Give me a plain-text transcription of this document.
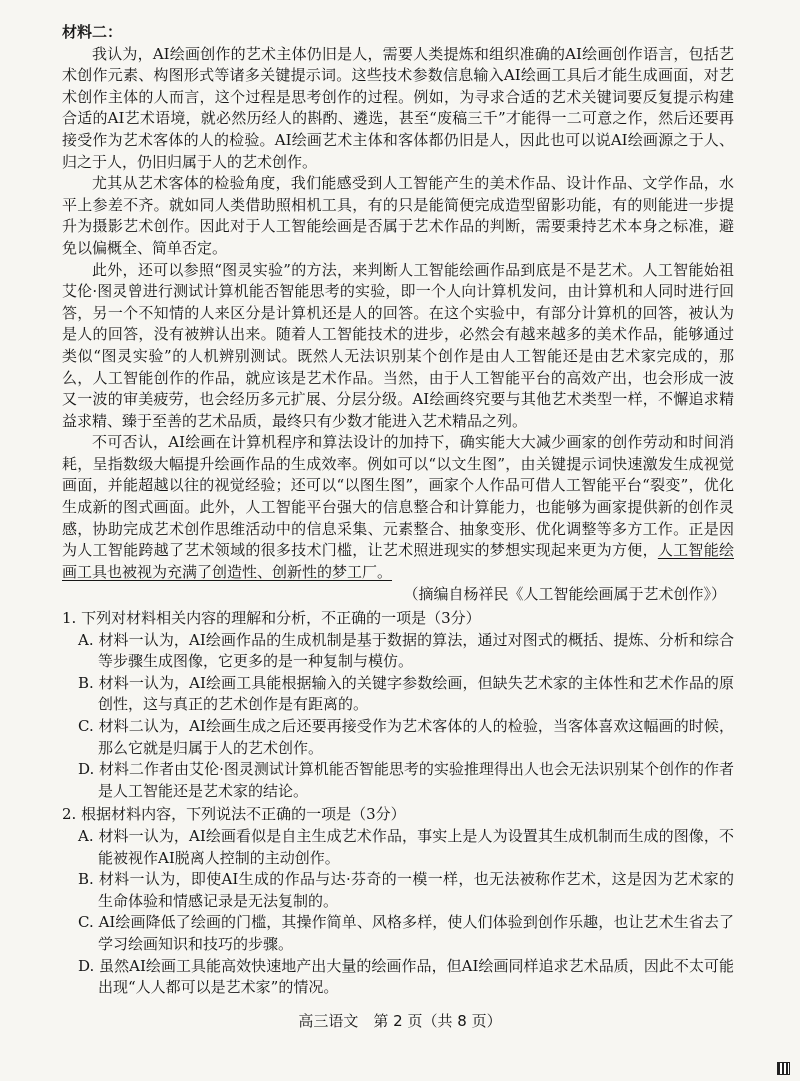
材料二：

我认为，AI绘画创作的艺术主体仍旧是人，需要人类提炼和组织准确的AI绘画创作语言，包括艺术创作元素、构图形式等诸多关键提示词。这些技术参数信息输入AI绘画工具后才能生成画面，对艺术创作主体的人而言，这个过程是思考创作的过程。例如，为寻求合适的艺术关键词要反复提示构建合适的AI艺术语境，就必然历经人的斟酌、遴选，甚至“废稿三千”才能得一二可意之作，然后还要再接受作为艺术客体的人的检验。AI绘画艺术主体和客体都仍旧是人，因此也可以说AI绘画源之于人、归之于人，仍旧归属于人的艺术创作。

尤其从艺术客体的检验角度，我们能感受到人工智能产生的美术作品、设计作品、文学作品，水平上参差不齐。就如同人类借助照相机工具，有的只是能简便完成造型留影功能，有的则能进一步提升为摄影艺术创作。因此对于人工智能绘画是否属于艺术作品的判断，需要秉持艺术本身之标准，避免以偏概全、简单否定。

此外，还可以参照“图灵实验”的方法，来判断人工智能绘画作品到底是不是艺术。人工智能始祖艾伦·图灵曾进行测试计算机能否智能思考的实验，即一个人向计算机发问，由计算机和人同时进行回答，另一个不知情的人来区分是计算机还是人的回答。在这个实验中，有部分计算机的回答，被认为是人的回答，没有被辨认出来。随着人工智能技术的进步，必然会有越来越多的美术作品，能够通过类似“图灵实验”的人机辨别测试。既然人无法识别某个创作是由人工智能还是由艺术家完成的，那么，人工智能创作的作品，就应该是艺术作品。当然，由于人工智能平台的高效产出，也会形成一波又一波的审美疲劳，也会经历多元扩展、分层分级。AI绘画终究要与其他艺术类型一样，不懈追求精益求精、臻于至善的艺术品质，最终只有少数才能进入艺术精品之列。

不可否认，AI绘画在计算机程序和算法设计的加持下，确实能大大减少画家的创作劳动和时间消耗，呈指数级大幅提升绘画作品的生成效率。例如可以“以文生图”，由关键提示词快速激发生成视觉画面，并能超越以往的视觉经验；还可以“以图生图”，画家个人作品可借人工智能平台“裂变”，优化生成新的图式画面。此外，人工智能平台强大的信息整合和计算能力，也能够为画家提供新的创作灵感，协助完成艺术创作思维活动中的信息采集、元素整合、抽象变形、优化调整等多方工作。正是因为人工智能跨越了艺术领域的很多技术门槛，让艺术照进现实的梦想实现起来更为方便，人工智能绘画工具也被视为充满了创造性、创新性的梦工厂。

（摘编自杨祥民《人工智能绘画属于艺术创作》）

1. 下列对材料相关内容的理解和分析，不正确的一项是（3分）

A. 材料一认为，AI绘画作品的生成机制是基于数据的算法，通过对图式的概括、提炼、分析和综合等步骤生成图像，它更多的是一种复制与模仿。

B. 材料一认为，AI绘画工具能根据输入的关键字参数绘画，但缺失艺术家的主体性和艺术作品的原创性，这与真正的艺术创作是有距离的。

C. 材料二认为，AI绘画生成之后还要再接受作为艺术客体的人的检验，当客体喜欢这幅画的时候，那么它就是归属于人的艺术创作。

D. 材料二作者由艾伦·图灵测试计算机能否智能思考的实验推理得出人也会无法识别某个创作的作者是人工智能还是艺术家的结论。

2. 根据材料内容，下列说法不正确的一项是（3分）

A. 材料一认为，AI绘画看似是自主生成艺术作品，事实上是人为设置其生成机制而生成的图像，不能被视作AI脱离人控制的主动创作。

B. 材料一认为，即使AI生成的作品与达·芬奇的一模一样，也无法被称作艺术，这是因为艺术家的生命体验和情感记录是无法复制的。

C. AI绘画降低了绘画的门槛，其操作简单、风格多样，使人们体验到创作乐趣，也让艺术生省去了学习绘画知识和技巧的步骤。

D. 虽然AI绘画工具能高效快速地产出大量的绘画作品，但AI绘画同样追求艺术品质，因此不太可能出现“人人都可以是艺术家”的情况。

高三语文　第 2 页（共 8 页）
